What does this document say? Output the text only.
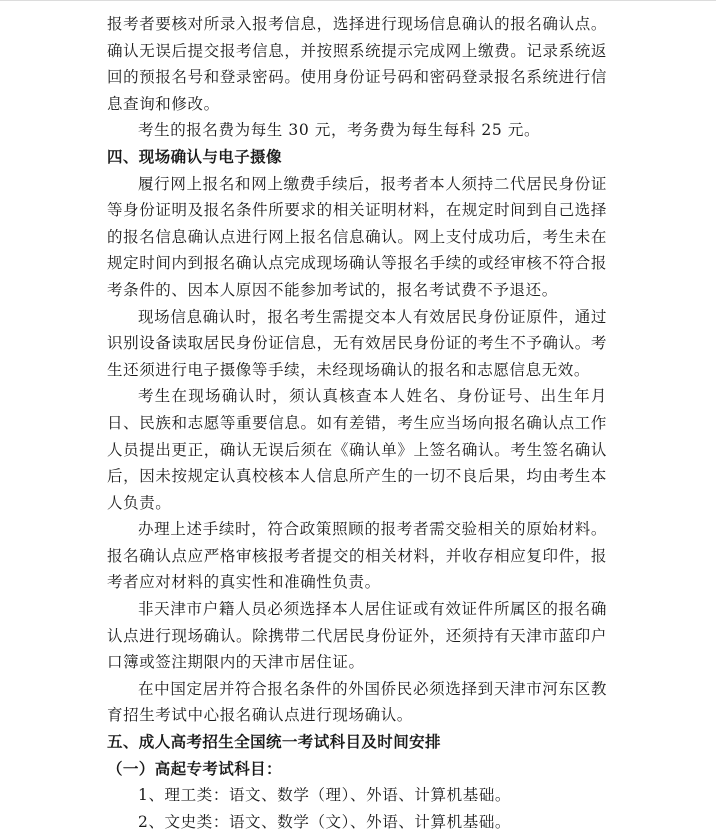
报考者要核对所录入报考信息，选择进行现场信息确认的报名确认点。确认无误后提交报考信息，并按照系统提示完成网上缴费。记录系统返回的预报名号和登录密码。使用身份证号码和密码登录报名系统进行信息查询和修改。

考生的报名费为每生 30 元，考务费为每生每科 25 元。

四、现场确认与电子摄像

履行网上报名和网上缴费手续后，报考者本人须持二代居民身份证等身份证明及报名条件所要求的相关证明材料，在规定时间到自己选择的报名信息确认点进行网上报名信息确认。网上支付成功后，考生未在规定时间内到报名确认点完成现场确认等报名手续的或经审核不符合报考条件的、因本人原因不能参加考试的，报名考试费不予退还。

现场信息确认时，报名考生需提交本人有效居民身份证原件，通过识别设备读取居民身份证信息，无有效居民身份证的考生不予确认。考生还须进行电子摄像等手续，未经现场确认的报名和志愿信息无效。

考生在现场确认时，须认真核查本人姓名、身份证号、出生年月日、民族和志愿等重要信息。如有差错，考生应当场向报名确认点工作人员提出更正，确认无误后须在《确认单》上签名确认。考生签名确认后，因未按规定认真校核本人信息所产生的一切不良后果，均由考生本人负责。

办理上述手续时，符合政策照顾的报考者需交验相关的原始材料。报名确认点应严格审核报考者提交的相关材料，并收存相应复印件，报考者应对材料的真实性和准确性负责。

非天津市户籍人员必须选择本人居住证或有效证件所属区的报名确认点进行现场确认。除携带二代居民身份证外，还须持有天津市蓝印户口簿或签注期限内的天津市居住证。

在中国定居并符合报名条件的外国侨民必须选择到天津市河东区教育招生考试中心报名确认点进行现场确认。

五、成人高考招生全国统一考试科目及时间安排

（一）高起专考试科目：

1、理工类：语文、数学（理）、外语、计算机基础。

2、文史类：语文、数学（文）、外语、计算机基础。
